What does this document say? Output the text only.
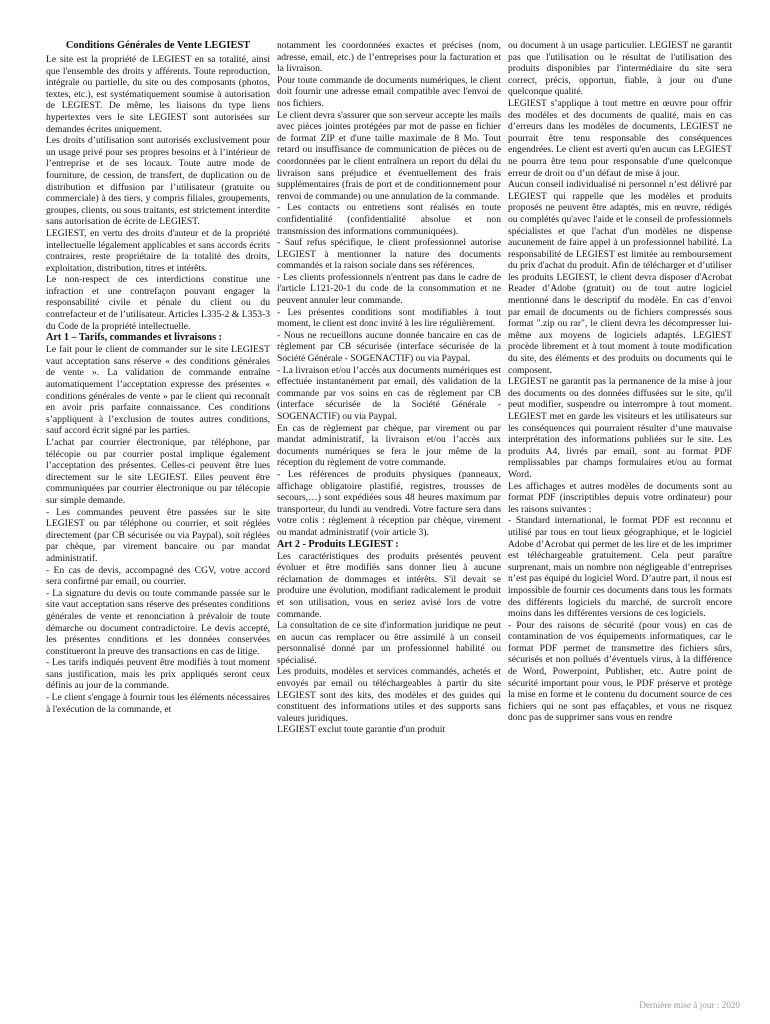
Conditions Générales de Vente LEGIEST

Le site est la propriété de LEGIEST en sa totalité, ainsi que l'ensemble des droits y afférents. Toute reproduction, intégrale ou partielle, du site ou des composants (photos, textes, etc.), est systématiquement soumise à autorisation de LEGIEST. De même, les liaisons du type liens hypertextes vers le site LEGIEST sont autorisées sur demandes écrites uniquement.

Les droits d’utilisation sont autorisés exclusivement pour un usage privé pour ses propres besoins et à l’intérieur de l’entreprise et de ses locaux. Toute autre mode de fourniture, de cession, de transfert, de duplication ou de distribution et diffusion par l’utilisateur (gratuite ou commerciale) à des tiers, y compris filiales, groupements, groupes, clients, ou sous traitants, est strictement interdite sans autorisation de écrite de LEGIEST.

LEGIEST, en vertu des droits d'auteur et de la propriété intellectuelle légalement applicables et sans accords écrits contraires, reste propriétaire de la totalité des droits, exploitation, distribution, titres et intérêts.

Le non-respect de ces interdictions constitue une infraction et une contrefaçon pouvant engager la responsabilité civile et pénale du client ou du contrefacteur et de l’utilisateur. Articles L335-2 & L353-3 du Code de la propriété intellectuelle.

Art 1 – Tarifs, commandes et livraisons :

Le fait pour le client de commander sur le site LEGIEST vaut acceptation sans réserve « des conditions générales de vente ». La validation de commande entraîne automatiquement l’acceptation expresse des présentes « conditions générales de vente » par le client qui reconnaît en avoir pris parfaite connaissance. Ces conditions s’appliquent à l’exclusion de toutes autres conditions, sauf accord écrit signé par les parties.

L’achat par courrier électronique, par téléphone, par télécopie ou par courrier postal implique également l’acceptation des présentes. Celles-ci peuvent être lues directement sur le site LEGIEST. Elles peuvent être communiquées par courrier électronique ou par télécopie sur simple demande.

- Les commandes peuvent être passées sur le site LEGIEST ou par téléphone ou courrier, et soit réglées directement (par CB sécurisée ou via Paypal), soit réglées par chèque, par virement bancaire ou par mandat administratif.

- En cas de devis, accompagné des CGV, votre accord sera confirmé par email, ou courrier.

- La signature du devis ou toute commande passée sur le site vaut acceptation sans réserve des présentes conditions générales de vente et renonciation à prévaloir de toute démarche ou document contradictoire. Le devis accepté, les présentes conditions et les données conservées constitueront la preuve des transactions en cas de litige.

- Les tarifs indiqués peuvent être modifiés à tout moment sans justification, mais les prix appliqués seront ceux définis au jour de la commande.

- Le client s'engage à fournir tous les éléments nécessaires à l'exécution de la commande, et

notamment les coordonnées exactes et précises (nom, adresse, email, etc.) de l’entreprises pour la facturation et la livraison.

Pour toute commande de documents numériques, le client doit fournir une adresse email compatible avec l'envoi de nos fichiers.

Le client devra s'assurer que son serveur accepte les mails avec pièces jointes protégées par mot de passe en fichier de format ZIP et d'une taille maximale de 8 Mo. Tout retard ou insuffisance de communication de pièces ou de coordonnées par le client entraînera un report du délai du livraison sans préjudice et éventuellement des frais supplémentaires (frais de port et de conditionnement pour renvoi de commande) ou une annulation de la commande.

- Les contacts ou entretiens sont réalisés en toute confidentialité (confidentialité absolue et non transmission des informations communiquées).

- Sauf refus spécifique, le client professionnel autorise LEGIEST à mentionner la nature des documents commandés et la raison sociale dans ses références.

- Les clients professionnels n'entrent pas dans le cadre de l'article L121-20-1 du code de la consommation et ne peuvent annuler leur commande.

- Les présentes conditions sont modifiables à tout moment, le client est donc invité à les lire régulièrement.

- Nous ne recueillons aucune donnée bancaire en cas de règlement par CB sécurisée (interface sécurisée de la Société Générale - SOGENACTIF) ou via Paypal.

- La livraison et/ou l’accès aux documents numériques est effectuée instantanément par email, dès validation de la commande par vos soins en cas de règlement par CB (interface sécurisée de la Société Générale - SOGENACTIF) ou via Paypal.

En cas de règlement par chèque, par virement ou par mandat administratif, la livraison et/ou l’accès aux documents numériques se fera le jour même de la réception du règlement de votre commande.

- Les références de produits physiques (panneaux, affichage obligatoire plastifié, registres, trousses de secours,…) sont expédiées sous 48 heures maximum par transporteur, du lundi au vendredi. Votre facture sera dans votre colis : règlement à réception par chèque, virement ou mandat administratif (voir article 3).

Art 2 - Produits LEGIEST :

Les caractéristiques des produits présentés peuvent évoluer et être modifiés sans donner lieu à aucune réclamation de dommages et intérêts. S'il devait se produire une évolution, modifiant radicalement le produit et son utilisation, vous en seriez avisé lors de votre commande.

La consultation de ce site d'information juridique ne peut en aucun cas remplacer ou être assimilé à un conseil personnalisé donné par un professionnel habilité ou spécialisé.

Les produits, modèles et services commandés, achetés et envoyés par email ou téléchargeables à partir du site LEGIEST sont des kits, des modèles et des guides qui constituent des informations utiles et des supports sans valeurs juridiques.

LEGIEST exclut toute garantie d'un produit

ou document à un usage particulier. LEGIEST ne garantit pas que l'utilisation ou le résultat de l'utilisation des produits disponibles par l'intermédiaire du site sera correct, précis, opportun, fiable, à jour ou d'une quelconque qualité.

LEGIEST s’applique à tout mettre en œuvre pour offrir des modèles et des documents de qualité, mais en cas d’erreurs dans les modèles de documents, LEGIEST ne pourrait être tenu responsable des conséquences engendrées. Le client est averti qu'en aucun cas LEGIEST ne pourra être tenu pour responsable d'une quelconque erreur de droit ou d’un défaut de mise à jour.

Aucun conseil individualisé ni personnel n’est délivré par LEGIEST qui rappelle que les modèles et produits proposés ne peuvent être adaptés, mis en œuvre, rédigés ou complétés qu'avec l'aide et le conseil de professionnels spécialistes et que l'achat d'un modèles ne dispense aucunement de faire appel à un professionnel habilité. La responsabilité de LEGIEST est limitée au remboursement du prix d'achat du produit. Afin de télécharger et d’utiliser les produits LEGIEST, le client devra disposer d'Acrobat Reader d’Adobe (gratuit) ou de tout autre logiciel mentionné dans le descriptif du modèle. En cas d’envoi par email de documents ou de fichiers compressés sous format ".zip ou rar", le client devra les décompresser lui-même aux moyens de logiciels adaptés. LEGIEST procède librement et à tout moment à toute modification du site, des éléments et des produits ou documents qui le composent.

LEGIEST ne garantit pas la permanence de la mise à jour des documents ou des données diffusées sur le site, qu'il peut modifier, suspendre ou interrompre à tout moment. LEGIEST met en garde les visiteurs et les utilisateurs sur les conséquences qui pourraient résulter d’une mauvaise interprétation des informations publiées sur le site. Les produits A4, livrés par email, sont au format PDF remplissables par champs formulaires et/ou au format Word.

Les affichages et autres modèles de documents sont au format PDF (inscriptibles depuis votre ordinateur) pour les raisons suivantes :

- Standard international, le format PDF est reconnu et utilisé par tous en tout lieux géographique, et le logiciel Adobe d’Acrobat qui permet de les lire et de les imprimer est téléchargeable gratuitement. Cela peut paraître surprenant, mais un nombre non négligeable d’entreprises n’est pas équipé du logiciel Word. D’autre part, il nous est impossible de fournir ces documents dans tous les formats des différents logiciels du marché, de surcroît encore moins dans les différentes versions de ces logiciels.

- Pour des raisons de sécurité (pour vous) en cas de contamination de vos équipements informatiques, car le format PDF permet de transmettre des fichiers sûrs, sécurisés et non pollués d’éventuels virus, à la différence de Word, Powerpoint, Publisher, etc. Autre point de sécurité important pour vous, le PDF préserve et protège la mise en forme et le contenu du document source de ces fichiers qui ne sont pas effaçables, et vous ne risquez donc pas de supprimer sans vous en rendre

Dernière mise à jour : 2020
